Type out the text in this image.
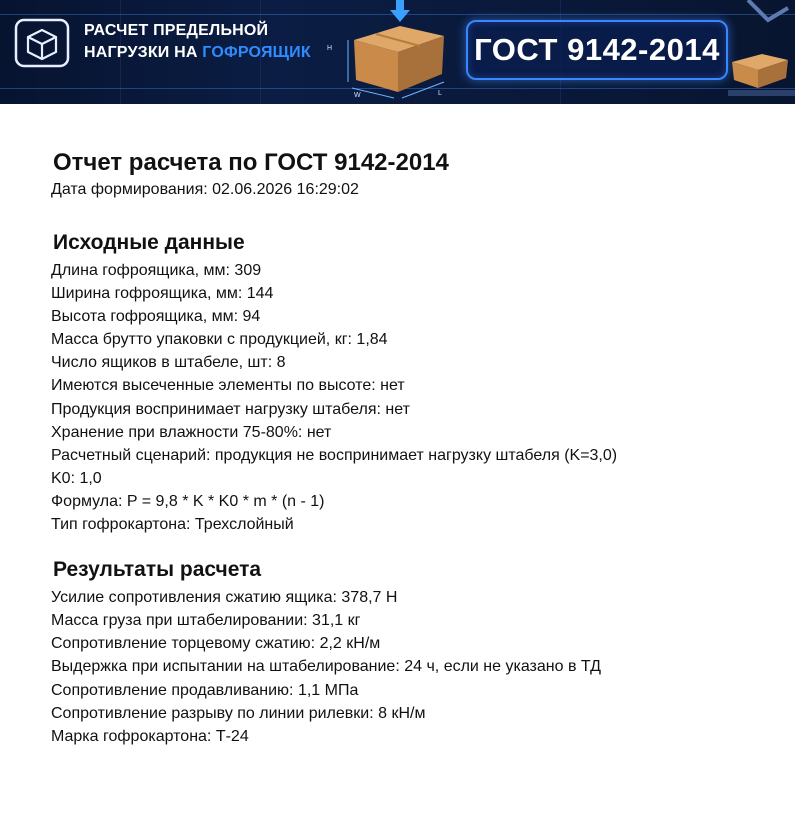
РАСЧЕТ ПРЕДЕЛЬНОЙ
НАГРУЗКИ НА ГОФРОЯЩИК	H
W	L
ГОСТ 9142-2014
Отчет расчета по ГОСТ 9142-2014
Дата формирования: 02.06.2026 16:29:02
Исходные данные
Длина гофроящика, мм: 309
Ширина гофроящика, мм: 144
Высота гофроящика, мм: 94
Масса брутто упаковки с продукцией, кг: 1,84
Число ящиков в штабеле, шт: 8
Имеются высеченные элементы по высоте: нет
Продукция воспринимает нагрузку штабеля: нет
Хранение при влажности 75-80%: нет
Расчетный сценарий: продукция не воспринимает нагрузку штабеля (K=3,0)
K0: 1,0
Формула: P = 9,8 * K * K0 * m * (n - 1)
Тип гофрокартона: Трехслойный
Результаты расчета
Усилие сопротивления сжатию ящика: 378,7 Н
Масса груза при штабелировании: 31,1 кг
Сопротивление торцевому сжатию: 2,2 кН/м
Выдержка при испытании на штабелирование: 24 ч, если не указано в ТД
Сопротивление продавливанию: 1,1 МПа
Сопротивление разрыву по линии рилевки: 8 кН/м
Марка гофрокартона: Т-24
